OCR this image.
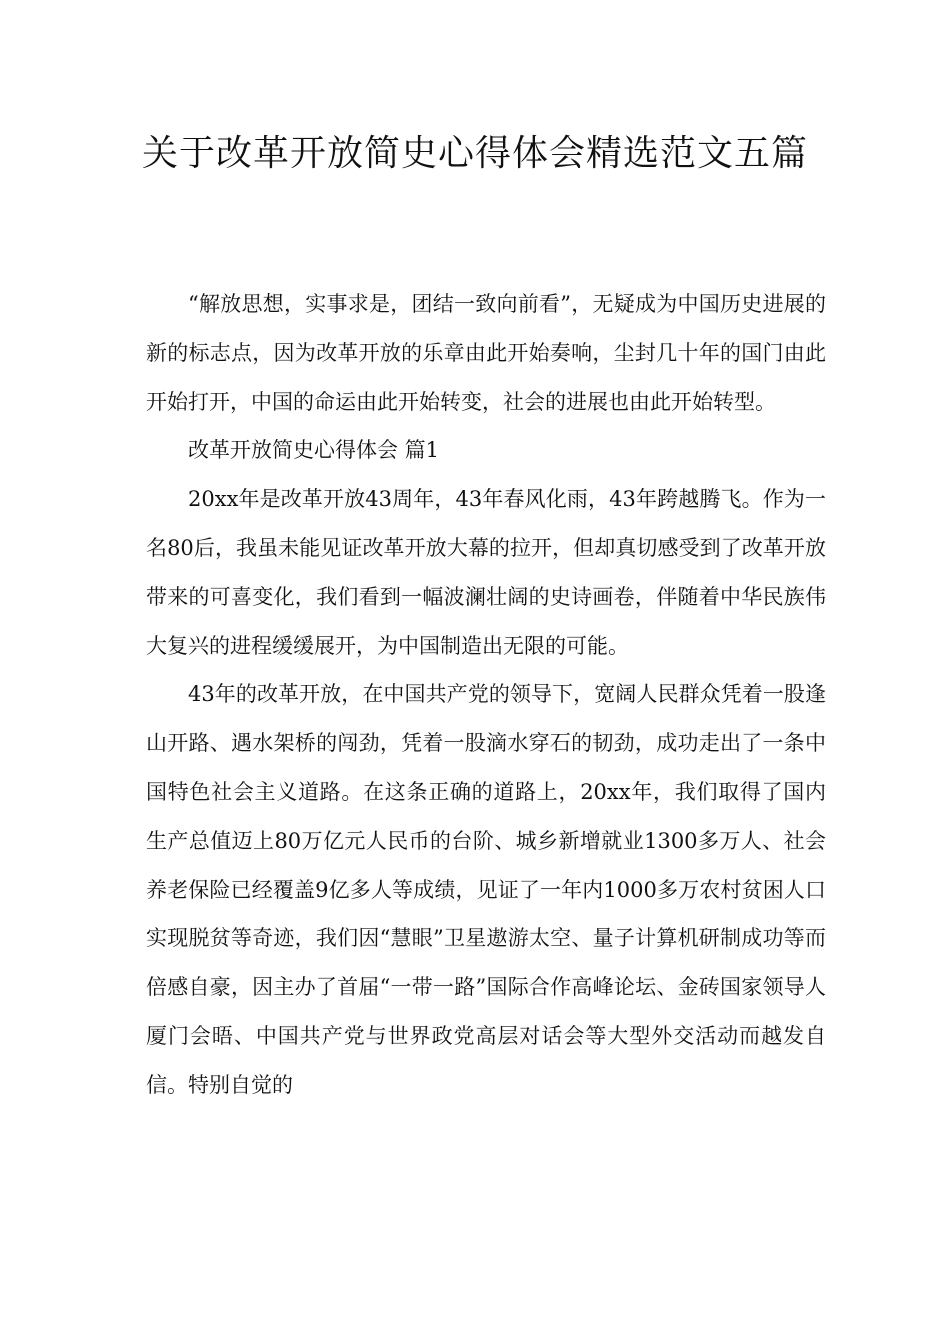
关于改革开放简史心得体会精选范文五篇

“解放思想，实事求是，团结一致向前看”，无疑成为中国历史进展的新的标志点，因为改革开放的乐章由此开始奏响，尘封几十年的国门由此开始打开，中国的命运由此开始转变，社会的进展也由此开始转型。

改革开放简史心得体会 篇1

20xx年是改革开放43周年，43年春风化雨，43年跨越腾飞。作为一名80后，我虽未能见证改革开放大幕的拉开，但却真切感受到了改革开放带来的可喜变化，我们看到一幅波澜壮阔的史诗画卷，伴随着中华民族伟大复兴的进程缓缓展开，为中国制造出无限的可能。

43年的改革开放，在中国共产党的领导下，宽阔人民群众凭着一股逢山开路、遇水架桥的闯劲，凭着一股滴水穿石的韧劲，成功走出了一条中国特色社会主义道路。在这条正确的道路上，20xx年，我们取得了国内生产总值迈上80万亿元人民币的台阶、城乡新增就业1300多万人、社会养老保险已经覆盖9亿多人等成绩，见证了一年内1000多万农村贫困人口实现脱贫等奇迹，我们因“慧眼”卫星遨游太空、量子计算机研制成功等而倍感自豪，因主办了首届“一带一路”国际合作高峰论坛、金砖国家领导人厦门会晤、中国共产党与世界政党高层对话会等大型外交活动而越发自信。特别自觉的
